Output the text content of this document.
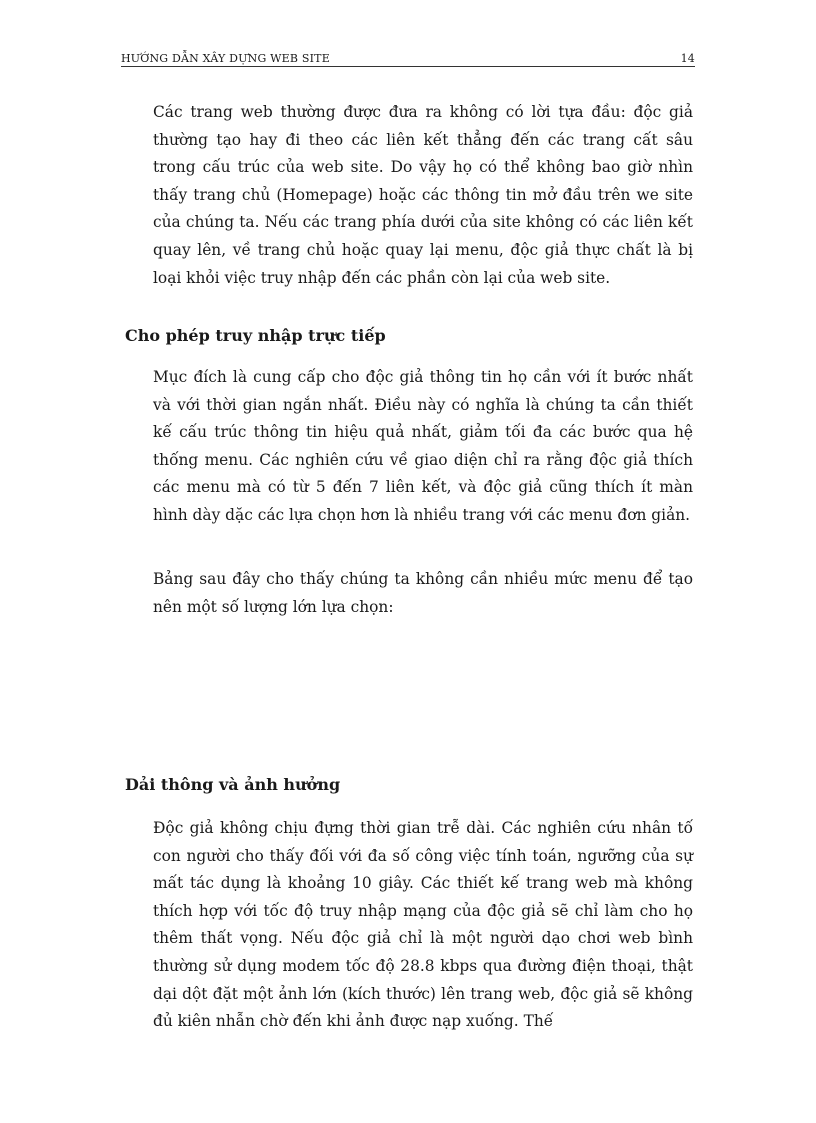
HƯỚNG DẪN XÂY DỰNG WEB SITE	14

Các trang web thường được đưa ra không có lời tựa đầu: độc giả thường tạo hay đi theo các liên kết thẳng đến các trang cất sâu trong cấu trúc của web site. Do vậy họ có thể không bao giờ nhìn thấy trang chủ (Homepage) hoặc các thông tin mở đầu trên we site của chúng ta. Nếu các trang phía dưới của site không có các liên kết quay lên, về trang chủ hoặc quay lại menu, độc giả thực chất là bị loại khỏi việc truy nhập đến các phần còn lại của web site.

Cho phép truy nhập trực tiếp

Mục đích là cung cấp cho độc giả thông tin họ cần với ít bước nhất và với thời gian ngắn nhất. Điều này có nghĩa là chúng ta cần thiết kế cấu trúc thông tin hiệu quả nhất, giảm tối đa các bước qua hệ thống menu. Các nghiên cứu về giao diện chỉ ra rằng độc giả thích các menu mà có từ 5 đến 7 liên kết, và độc giả cũng thích ít màn hình dày dặc các lựa chọn hơn là nhiều trang với các menu đơn giản.

Bảng sau đây cho thấy chúng ta không cần nhiều mức menu để tạo nên một số lượng lớn lựa chọn:

Dải thông và ảnh hưởng

Độc giả không chịu đựng thời gian trễ dài. Các nghiên cứu nhân tố con người cho thấy đối với đa số công việc tính toán, ngưỡng của sự mất tác dụng là khoảng 10 giây. Các thiết kế trang web mà không thích hợp với tốc độ truy nhập mạng của độc giả sẽ chỉ làm cho họ thêm thất vọng. Nếu độc giả chỉ là một người dạo chơi web bình thường sử dụng modem tốc độ 28.8 kbps qua đường điện thoại, thật dại dột đặt một ảnh lớn (kích thước) lên trang web, độc giả sẽ không đủ kiên nhẫn chờ đến khi ảnh được nạp xuống. Thế
